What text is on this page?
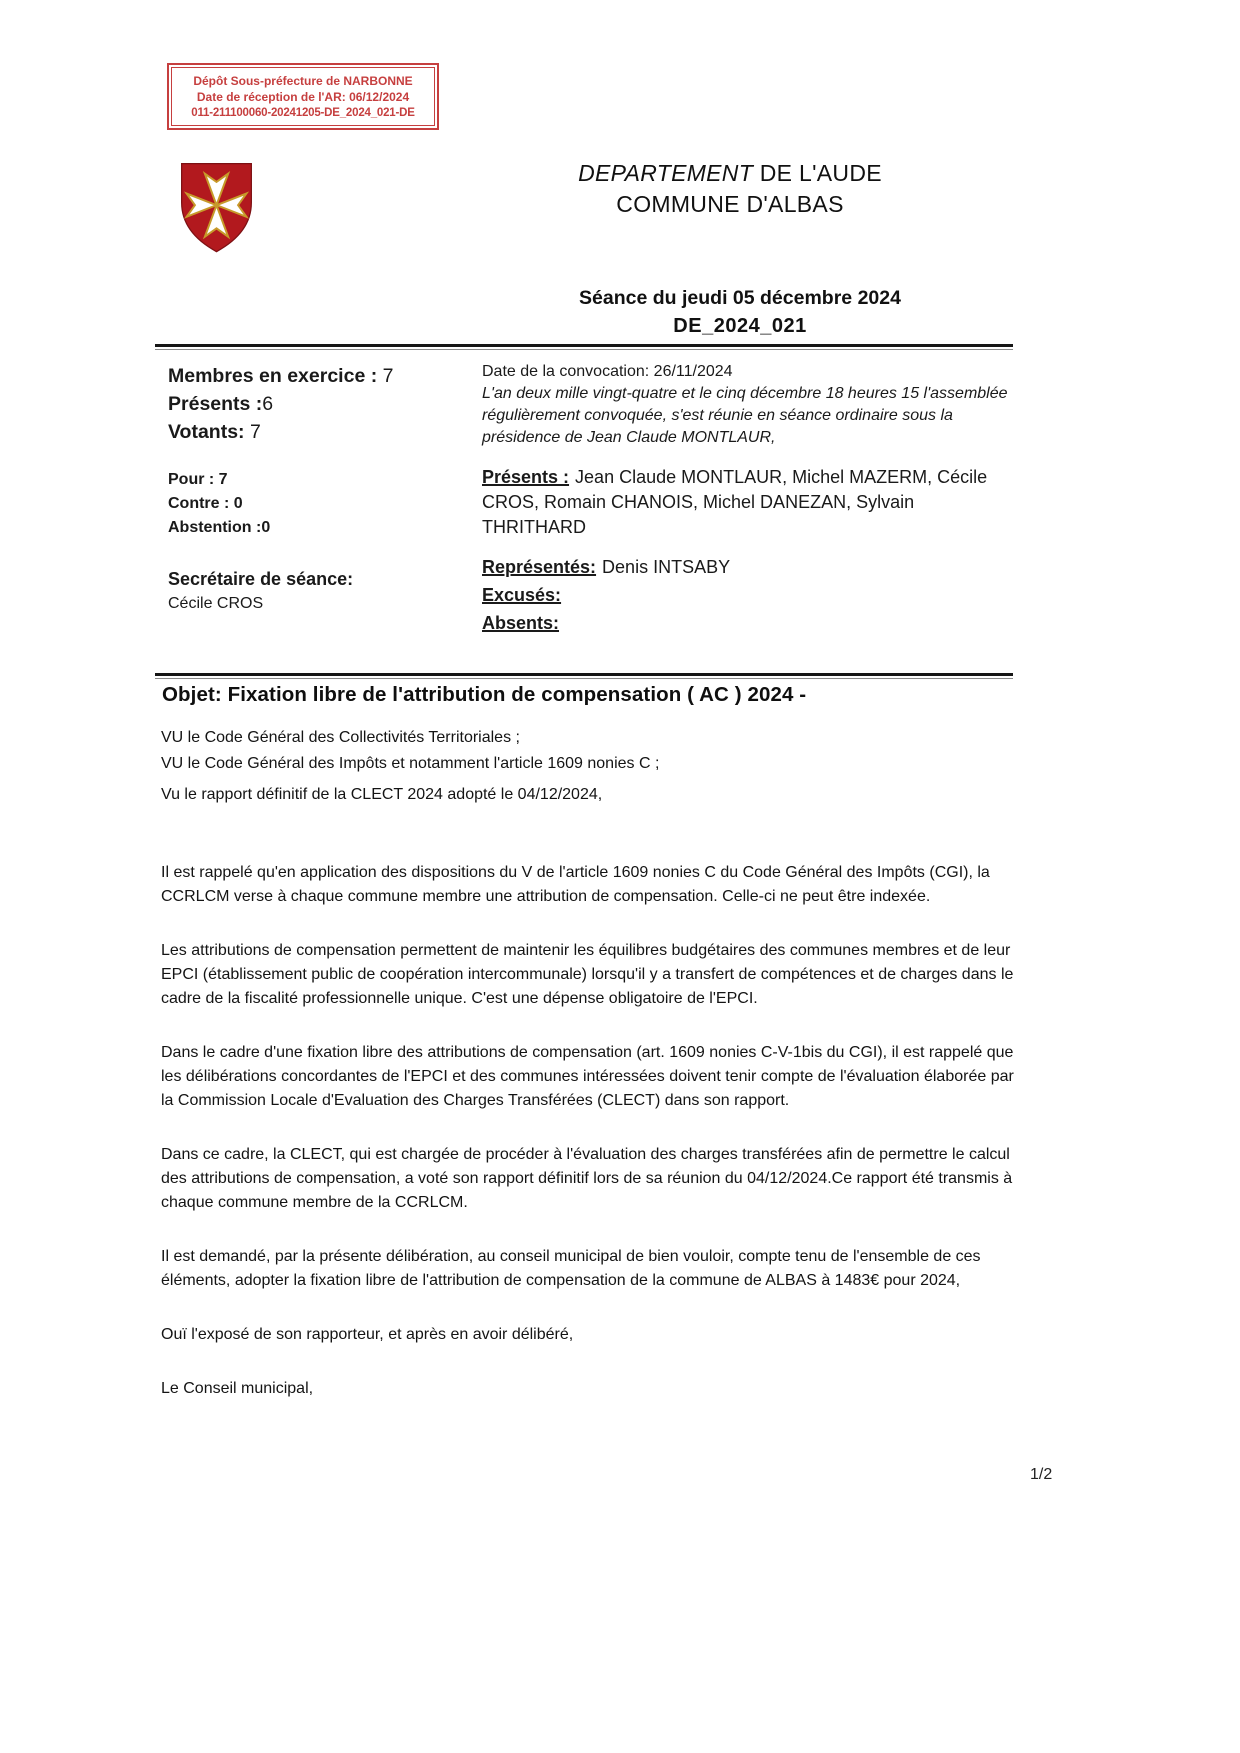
Dépôt Sous-préfecture de NARBONNE
Date de réception de l'AR: 06/12/2024
011-211100060-20241205-DE_2024_021-DE
DEPARTEMENT DE L'AUDE
COMMUNE D'ALBAS
Séance du jeudi 05 décembre 2024
DE_2024_021
Membres en exercice : 7
Présents :6
Votants: 7
Pour : 7
Contre : 0
Abstention :0
Secrétaire de séance:
Cécile CROS
Date de la convocation: 26/11/2024
L'an deux mille vingt-quatre et le cinq décembre 18 heures 15 l'assemblée régulièrement convoquée, s'est réunie en séance ordinaire sous la présidence de Jean Claude MONTLAUR,
Présents : Jean Claude MONTLAUR, Michel MAZERM, Cécile CROS, Romain CHANOIS, Michel DANEZAN, Sylvain THRITHARD
Représentés: Denis INTSABY
Excusés:
Absents:
Objet: Fixation libre de l'attribution de compensation ( AC ) 2024 -

VU le Code Général des Collectivités Territoriales ;

VU le Code Général des Impôts et notamment l'article 1609 nonies C ;

Vu le rapport définitif de la CLECT 2024 adopté le 04/12/2024,

Il est rappelé qu'en application des dispositions du V de l'article 1609 nonies C du Code Général des Impôts (CGI), la CCRLCM verse à chaque commune membre une attribution de compensation. Celle-ci ne peut être indexée.

Les attributions de compensation permettent de maintenir les équilibres budgétaires des communes membres et de leur EPCI (établissement public de coopération intercommunale) lorsqu'il y a transfert de compétences et de charges dans le cadre de la fiscalité professionnelle unique. C'est une dépense obligatoire de l'EPCI.

Dans le cadre d'une fixation libre des attributions de compensation (art. 1609 nonies C-V-1bis du CGI), il est rappelé que les délibérations concordantes de l'EPCI et des communes intéressées doivent tenir compte de l'évaluation élaborée par la Commission Locale d'Evaluation des Charges Transférées (CLECT) dans son rapport.

Dans ce cadre, la CLECT, qui est chargée de procéder à l'évaluation des charges transférées afin de permettre le calcul des attributions de compensation, a voté son rapport définitif lors de sa réunion du 04/12/2024.Ce rapport été transmis à chaque commune membre de la CCRLCM.

Il est demandé, par la présente délibération, au conseil municipal de bien vouloir, compte tenu de l'ensemble de ces éléments, adopter la fixation libre de l'attribution de compensation de la commune de ALBAS à 1483€ pour 2024,

Ouï l'exposé de son rapporteur, et après en avoir délibéré,

Le Conseil municipal,

1/2
